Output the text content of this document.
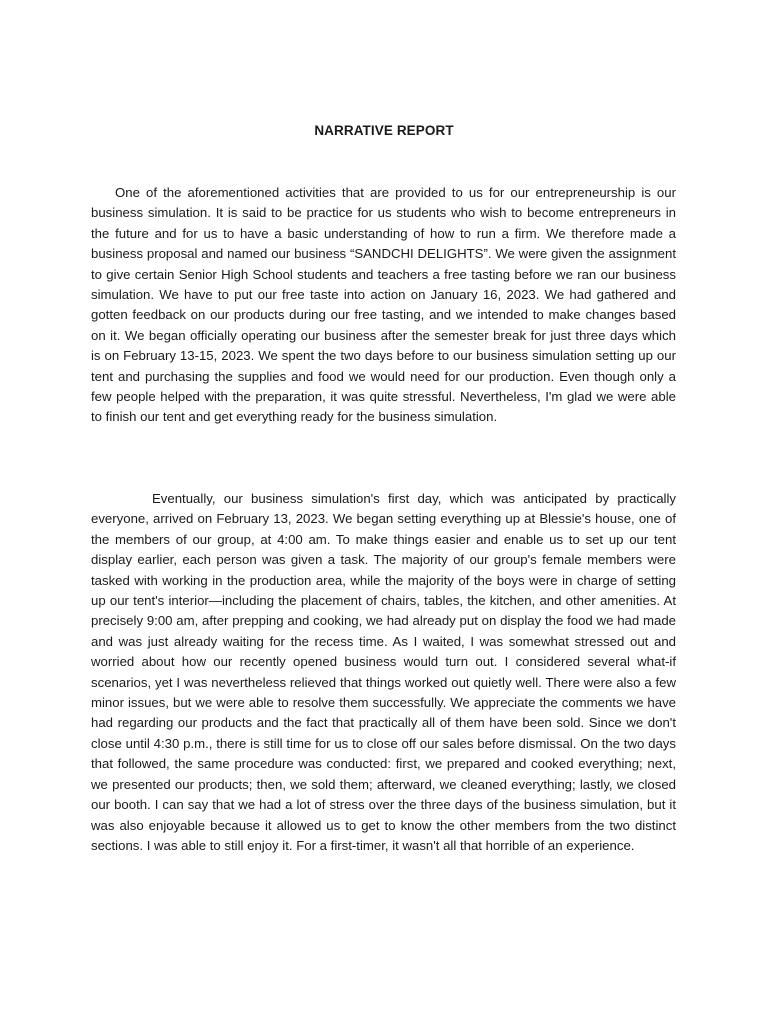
NARRATIVE REPORT

One of the aforementioned activities that are provided to us for our entrepreneurship is our business simulation. It is said to be practice for us students who wish to become entrepreneurs in the future and for us to have a basic understanding of how to run a firm. We therefore made a business proposal and named our business “SANDCHI DELIGHTS”. We were given the assignment to give certain Senior High School students and teachers a free tasting before we ran our business simulation. We have to put our free taste into action on January 16, 2023. We had gathered and gotten feedback on our products during our free tasting, and we intended to make changes based on it. We began officially operating our business after the semester break for just three days which is on February 13-15, 2023. We spent the two days before to our business simulation setting up our tent and purchasing the supplies and food we would need for our production. Even though only a few people helped with the preparation, it was quite stressful. Nevertheless, I'm glad we were able to finish our tent and get everything ready for the business simulation.

Eventually, our business simulation's first day, which was anticipated by practically everyone, arrived on February 13, 2023. We began setting everything up at Blessie's house, one of the members of our group, at 4:00 am. To make things easier and enable us to set up our tent display earlier, each person was given a task. The majority of our group's female members were tasked with working in the production area, while the majority of the boys were in charge of setting up our tent's interior—including the placement of chairs, tables, the kitchen, and other amenities. At precisely 9:00 am, after prepping and cooking, we had already put on display the food we had made and was just already waiting for the recess time. As I waited, I was somewhat stressed out and worried about how our recently opened business would turn out. I considered several what-if scenarios, yet I was nevertheless relieved that things worked out quietly well. There were also a few minor issues, but we were able to resolve them successfully. We appreciate the comments we have had regarding our products and the fact that practically all of them have been sold. Since we don't close until 4:30 p.m., there is still time for us to close off our sales before dismissal. On the two days that followed, the same procedure was conducted: first, we prepared and cooked everything; next, we presented our products; then, we sold them; afterward, we cleaned everything; lastly, we closed our booth. I can say that we had a lot of stress over the three days of the business simulation, but it was also enjoyable because it allowed us to get to know the other members from the two distinct sections. I was able to still enjoy it. For a first-timer, it wasn't all that horrible of an experience.
